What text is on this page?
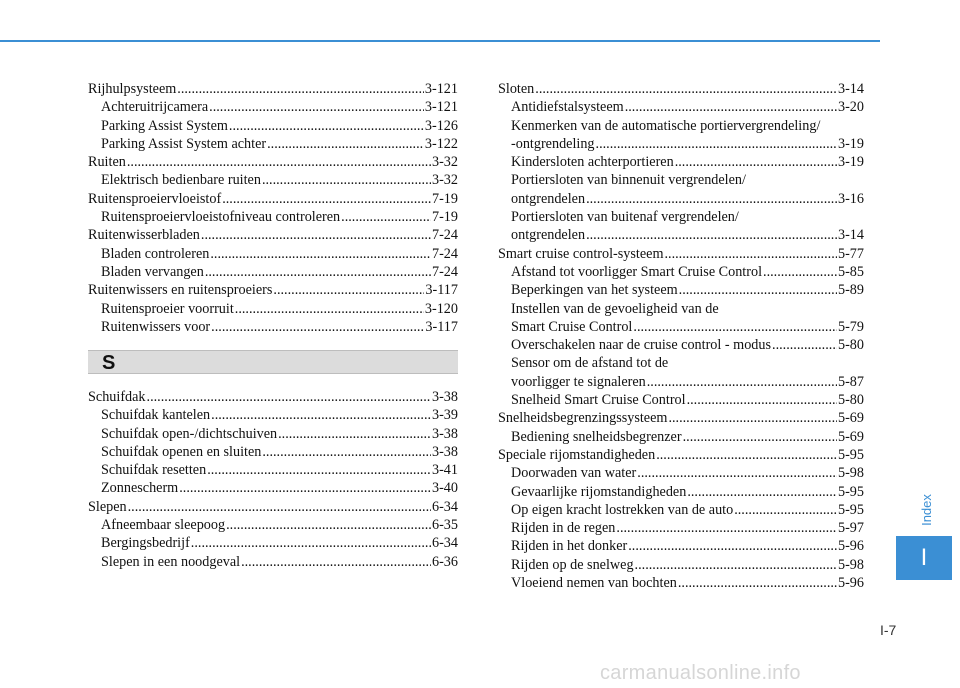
Rijhulpsysteem .....	3-121
Achteruitrijcamera .....	3-121
Parking Assist System .....	3-126
Parking Assist System achter .....	3-122
Ruiten .....	3-32
Elektrisch bedienbare ruiten .....	3-32
Ruitensproeiervloeistof .....	7-19
Ruitensproeiervloeistofniveau controleren .....	7-19
Ruitenwisserbladen .....	7-24
Bladen controleren .....	7-24
Bladen vervangen .....	7-24
Ruitenwissers en ruitensproeiers .....	3-117
Ruitensproeier voorruit .....	3-120
Ruitenwissers voor .....	3-117
S
Schuifdak .....	3-38
Schuifdak kantelen .....	3-39
Schuifdak open-/dichtschuiven .....	3-38
Schuifdak openen en sluiten .....	3-38
Schuifdak resetten .....	3-41
Zonnescherm .....	3-40
Slepen .....	6-34
Afneembaar sleepoog .....	6-35
Bergingsbedrijf .....	6-34
Slepen in een noodgeval .....	6-36
Sloten .....	3-14
Antidiefstalsysteem .....	3-20
Kenmerken van de automatische portiervergrendeling/
-ontgrendeling .....	3-19
Kindersloten achterportieren .....	3-19
Portiersloten van binnenuit vergrendelen/
ontgrendelen .....	3-16
Portiersloten van buitenaf vergrendelen/
ontgrendelen .....	3-14
Smart cruise control-systeem .....	5-77
Afstand tot voorligger Smart Cruise Control .....	5-85
Beperkingen van het systeem .....	5-89
Instellen van de gevoeligheid van de
Smart Cruise Control .....	5-79
Overschakelen naar de cruise control - modus .....	5-80
Sensor om de afstand tot de
voorligger te signaleren .....	5-87
Snelheid Smart Cruise Control .....	5-80
Snelheidsbegrenzingssysteem .....	5-69
Bediening snelheidsbegrenzer .....	5-69
Speciale rijomstandigheden .....	5-95
Doorwaden van water .....	5-98
Gevaarlijke rijomstandigheden .....	5-95
Op eigen kracht lostrekken van de auto .....	5-95
Rijden in de regen .....	5-97
Rijden in het donker .....	5-96
Rijden op de snelweg .....	5-98
Vloeiend nemen van bochten .....	5-96
Index
I
I-7
carmanualsonline.info
